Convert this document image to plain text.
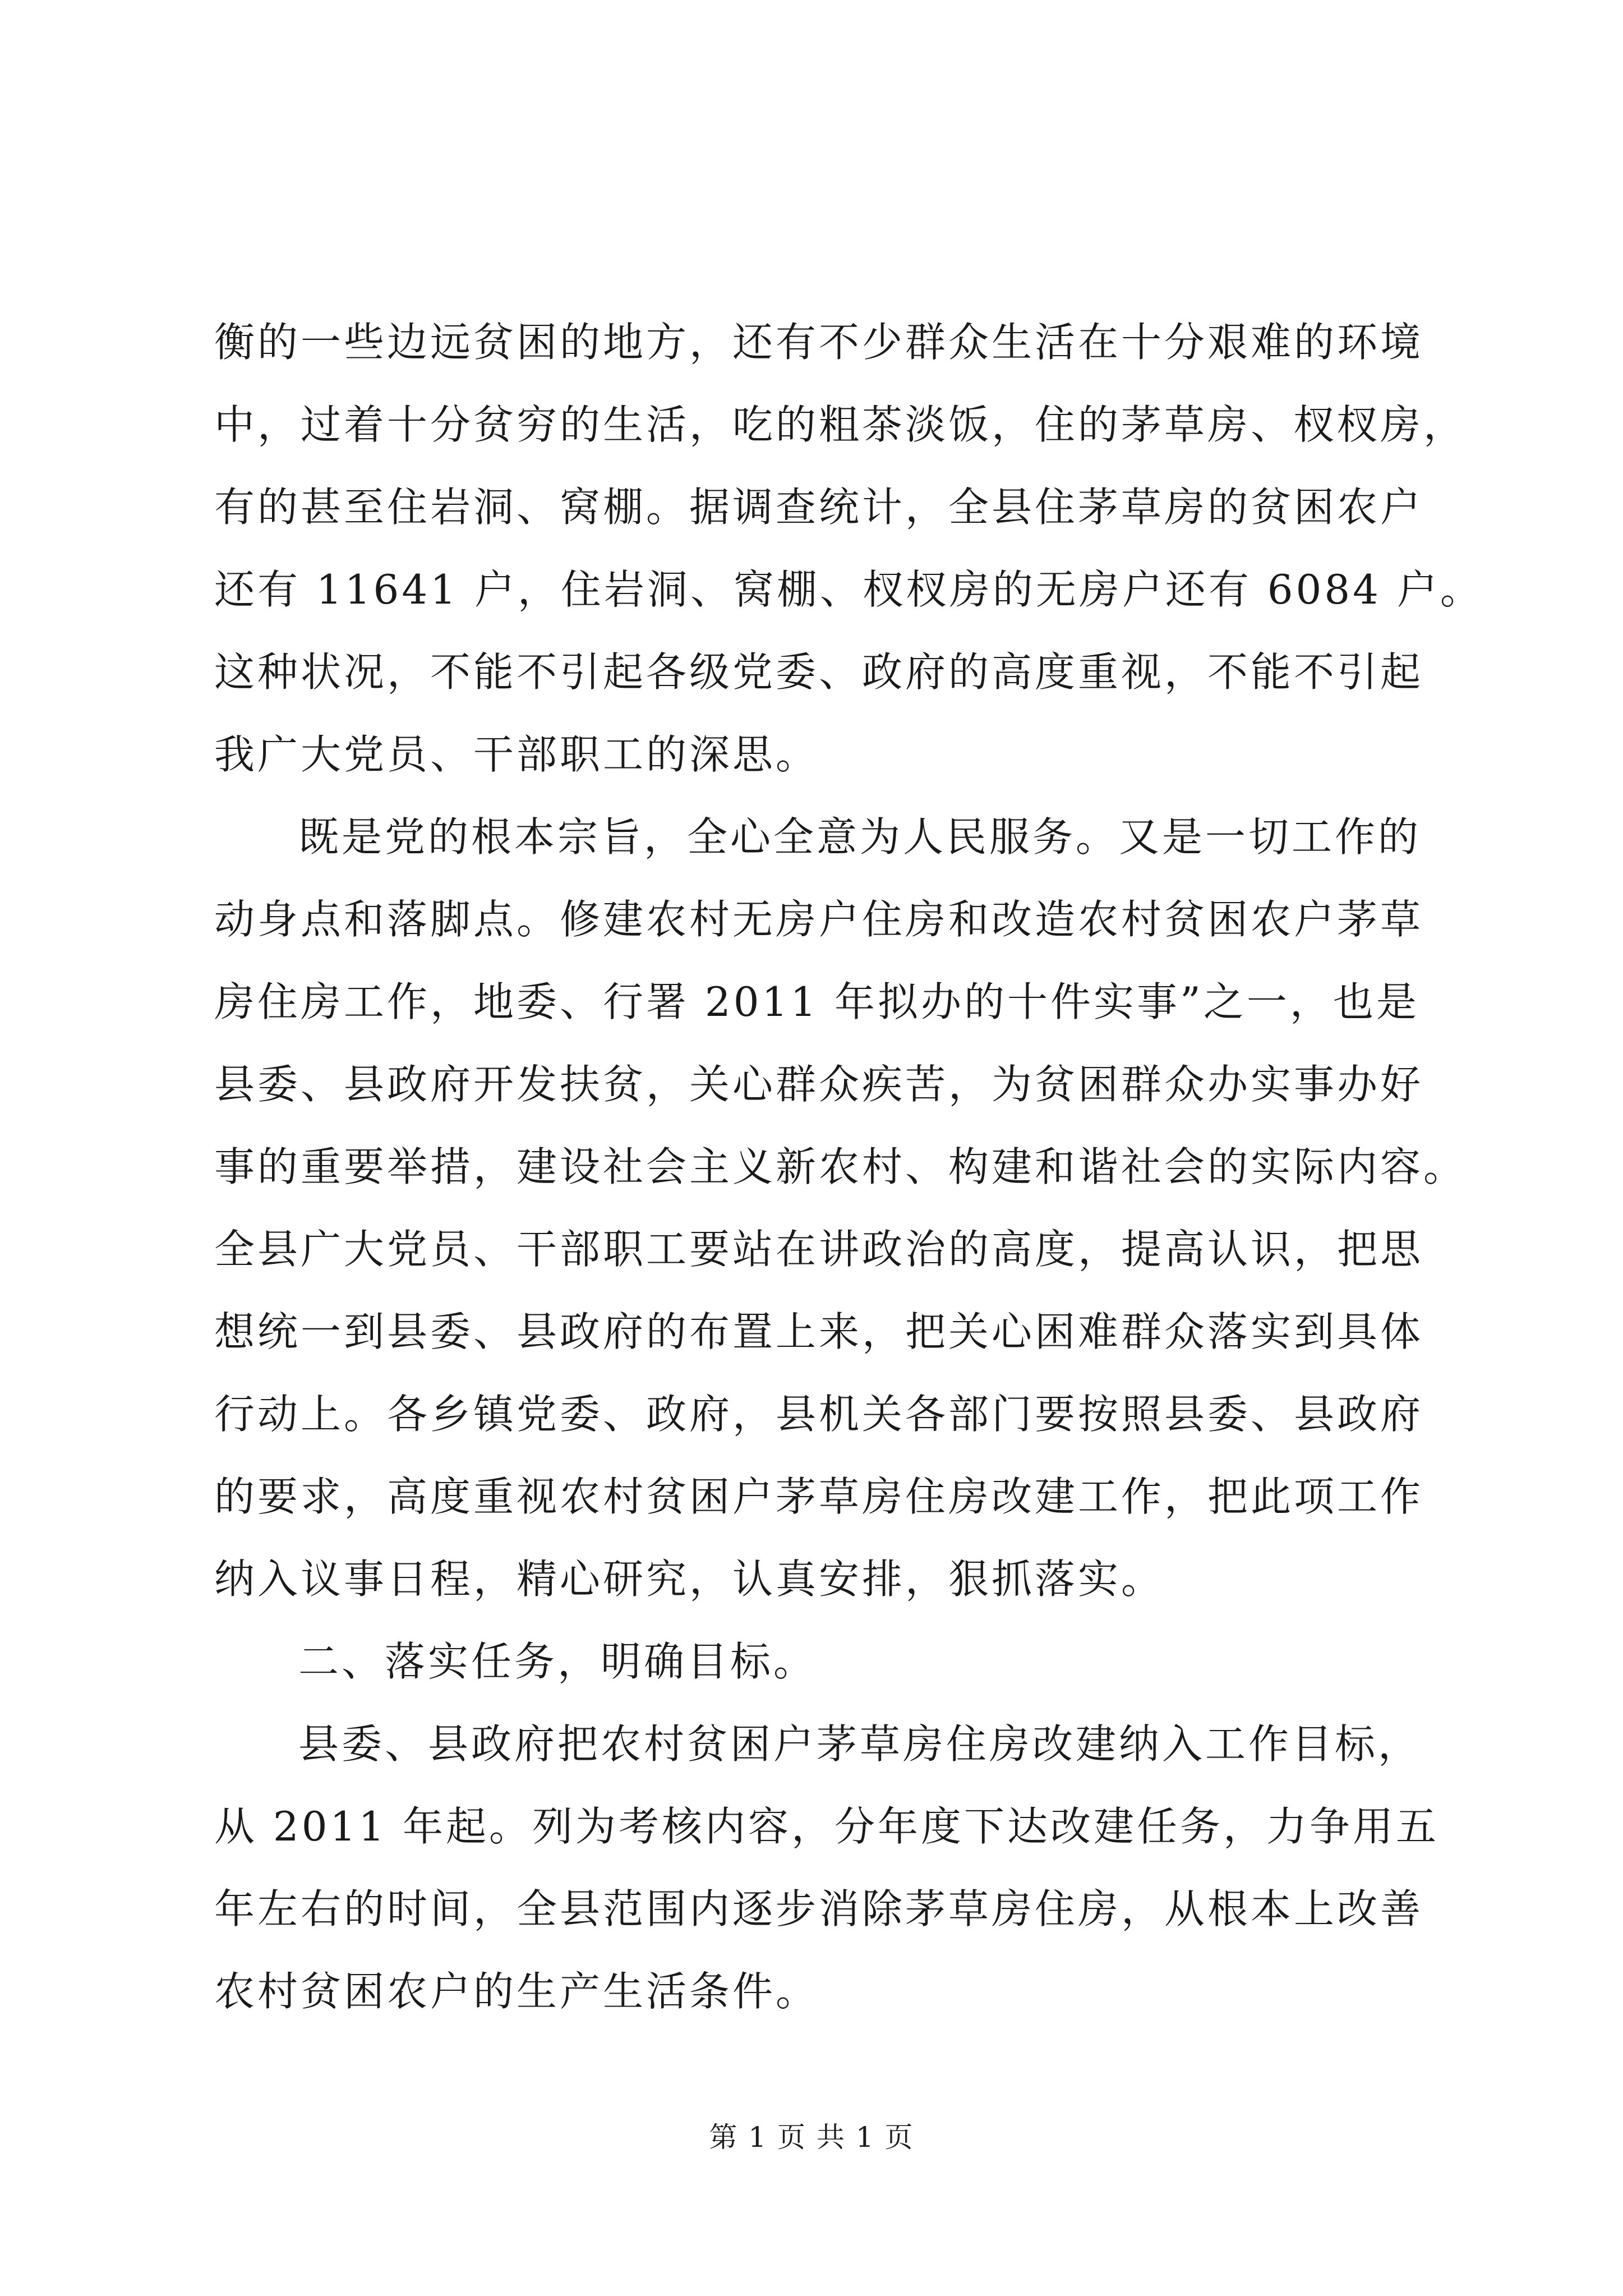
衡的一些边远贫困的地方，还有不少群众生活在十分艰难的环境
中，过着十分贫穷的生活，吃的粗茶淡饭，住的茅草房、杈杈房，
有的甚至住岩洞、窝棚。据调查统计，全县住茅草房的贫困农户
还有 11641 户，住岩洞、窝棚、杈杈房的无房户还有 6084 户。
这种状况，不能不引起各级党委、政府的高度重视，不能不引起
我广大党员、干部职工的深思。
既是党的根本宗旨，全心全意为人民服务。又是一切工作的
动身点和落脚点。修建农村无房户住房和改造农村贫困农户茅草
房住房工作，地委、行署 2011 年拟办的十件实事”之一，也是
县委、县政府开发扶贫，关心群众疾苦，为贫困群众办实事办好
事的重要举措，建设社会主义新农村、构建和谐社会的实际内容。
全县广大党员、干部职工要站在讲政治的高度，提高认识，把思
想统一到县委、县政府的布置上来，把关心困难群众落实到具体
行动上。各乡镇党委、政府，县机关各部门要按照县委、县政府
的要求，高度重视农村贫困户茅草房住房改建工作，把此项工作
纳入议事日程，精心研究，认真安排，狠抓落实。
二、落实任务，明确目标。
县委、县政府把农村贫困户茅草房住房改建纳入工作目标，
从 2011 年起。列为考核内容，分年度下达改建任务，力争用五
年左右的时间，全县范围内逐步消除茅草房住房，从根本上改善
农村贫困农户的生产生活条件。
第 1 页 共 1 页
